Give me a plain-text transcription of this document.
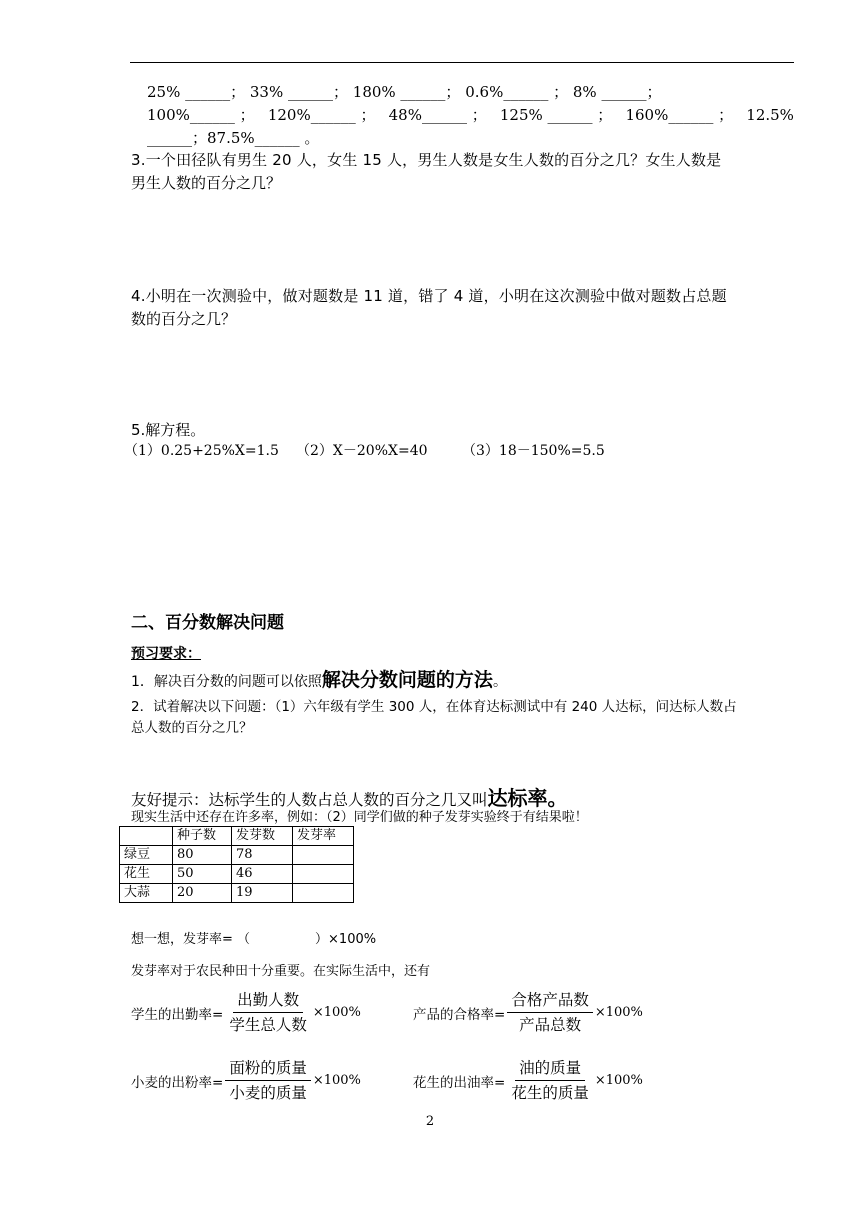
25% ______； 33% ______； 180% ______； 0.6%______ ； 8% ______；
100%______ ； 120%______ ； 48%______ ； 125% ______ ； 160%______ ； 12.5%
______；87.5%______ 。
3.一个田径队有男生 20 人，女生 15 人，男生人数是女生人数的百分之几？女生人数是
男生人数的百分之几？
4.小明在一次测验中，做对题数是 11 道，错了 4 道，小明在这次测验中做对题数占总题
数的百分之几？
5.解方程。
（1）0.25+25%X=1.5 （2）X－20%X=40 （3）18－150%=5.5
二、百分数解决问题
预习要求：
1．解决百分数的问题可以依照解决分数问题的方法。
2．试着解决以下问题：（1）六年级有学生 300 人，在体育达标测试中有 240 人达标，问达标人数占
总人数的百分之几？
友好提示：达标学生的人数占总人数的百分之几又叫达标率。
现实生活中还存在许多率，例如：（2）同学们做的种子发芽实验终于有结果啦！
	种子数	发芽数	发芽率
绿豆	80	78	
花生	50	46	
大蒜	20	19	
想一想，发芽率= （　　　　　）×100%
发芽率对于农民种田十分重要。在实际生活中，还有
学生的出勤率= $\frac{\text{出勤人数}}{\text{学生总人数}} \times 100\%$	产品的合格率= $\frac{\text{合格产品数}}{\text{产品总数}} \times 100\%$
小麦的出粉率= $\frac{\text{面粉的质量}}{\text{小麦的质量}} \times 100\%$	花生的出油率= $\frac{\text{油的质量}}{\text{花生的质量}} \times 100\%$
2
